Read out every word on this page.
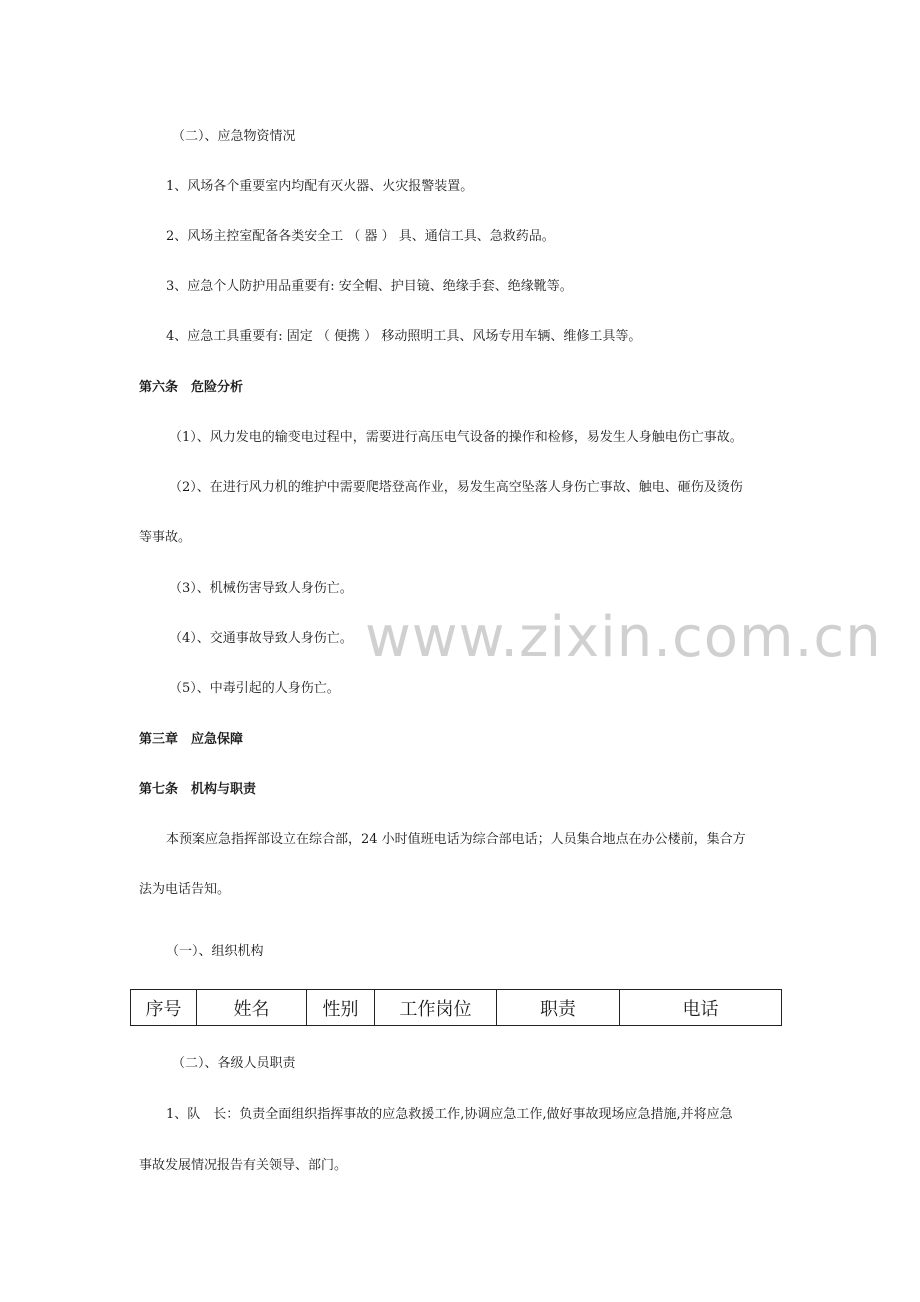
www.zixin.com.cn
（二）、应急物资情况
1、风场各个重要室内均配有灭火器、火灾报警装置。
2、风场主控室配备各类安全工 （ 器 ） 具、通信工具、急救药品。
3、应急个人防护用品重要有: 安全帽、护目镜、绝缘手套、绝缘靴等。
4、应急工具重要有: 固定 （ 便携 ） 移动照明工具、风场专用车辆、维修工具等。
第六条　危险分析
（1）、风力发电的输变电过程中，需要进行高压电气设备的操作和检修，易发生人身触电伤亡事故。
（2）、在进行风力机的维护中需要爬塔登高作业，易发生高空坠落人身伤亡事故、触电、砸伤及烫伤
等事故。
（3）、机械伤害导致人身伤亡。
（4）、交通事故导致人身伤亡。
（5）、中毒引起的人身伤亡。
第三章　应急保障
第七条　机构与职责
本预案应急指挥部设立在综合部，24 小时值班电话为综合部电话；人员集合地点在办公楼前，集合方
法为电话告知。
（一）、组织机构
序号	姓名	性别	工作岗位	职责	电话
（二）、各级人员职责
1、队　长：负责全面组织指挥事故的应急救援工作,协调应急工作,做好事故现场应急措施,并将应急
事故发展情况报告有关领导、部门。
